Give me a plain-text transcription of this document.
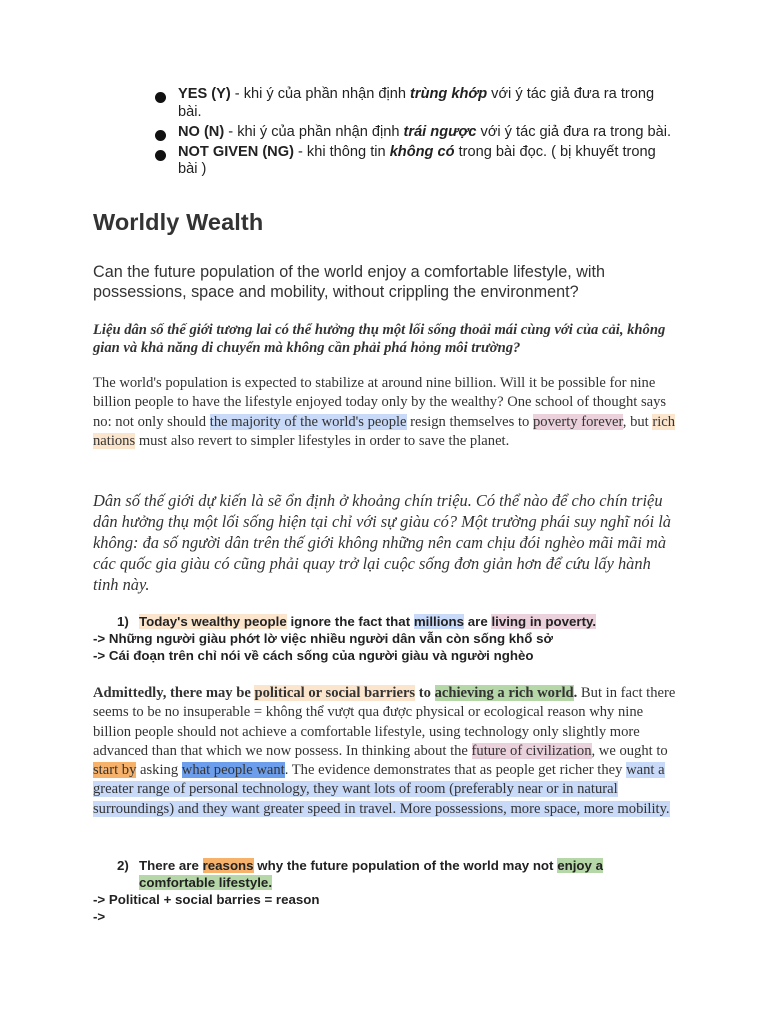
YES (Y) - khi ý của phần nhận định trùng khớp với ý tác giả đưa ra trong bài.
NO (N) - khi ý của phần nhận định trái ngược với ý tác giả đưa ra trong bài.
NOT GIVEN (NG) - khi thông tin không có trong bài đọc. ( bị khuyết trong bài )
Worldly Wealth

Can the future population of the world enjoy a comfortable lifestyle, with possessions, space and mobility, without crippling the environment?

Liệu dân số thế giới tương lai có thể hưởng thụ một lối sống thoải mái cùng với của cải, không gian và khả năng di chuyển mà không cần phải phá hỏng môi trường?

The world's population is expected to stabilize at around nine billion. Will it be possible for nine billion people to have the lifestyle enjoyed today only by the wealthy? One school of thought says no: not only should the majority of the world's people resign themselves to poverty forever, but rich nations must also revert to simpler lifestyles in order to save the planet.

Dân số thế giới dự kiến là sẽ ổn định ở khoảng chín triệu. Có thể nào để cho chín triệu dân hưởng thụ một lối sống hiện tại chỉ với sự giàu có? Một trường phái suy nghĩ nói là không: đa số người dân trên thế giới không những nên cam chịu đói nghèo mãi mãi mà các quốc gia giàu có cũng phải quay trở lại cuộc sống đơn giản hơn để cứu lấy hành tinh này.

1) Today's wealthy people ignore the fact that millions are living in poverty.
-> Những người giàu phớt lờ việc nhiều người dân vẫn còn sống khổ sở
-> Cái đoạn trên chỉ nói về cách sống của người giàu và người nghèo

Admittedly, there may be political or social barriers to achieving a rich world. But in fact there seems to be no insuperable = không thể vượt qua được physical or ecological reason why nine billion people should not achieve a comfortable lifestyle, using technology only slightly more advanced than that which we now possess. In thinking about the future of civilization, we ought to start by asking what people want. The evidence demonstrates that as people get richer they want a greater range of personal technology, they want lots of room (preferably near or in natural surroundings) and they want greater speed in travel. More possessions, more space, more mobility.

2) There are reasons why the future population of the world may not enjoy a
comfortable lifestyle.
-> Political + social barries = reason
->
